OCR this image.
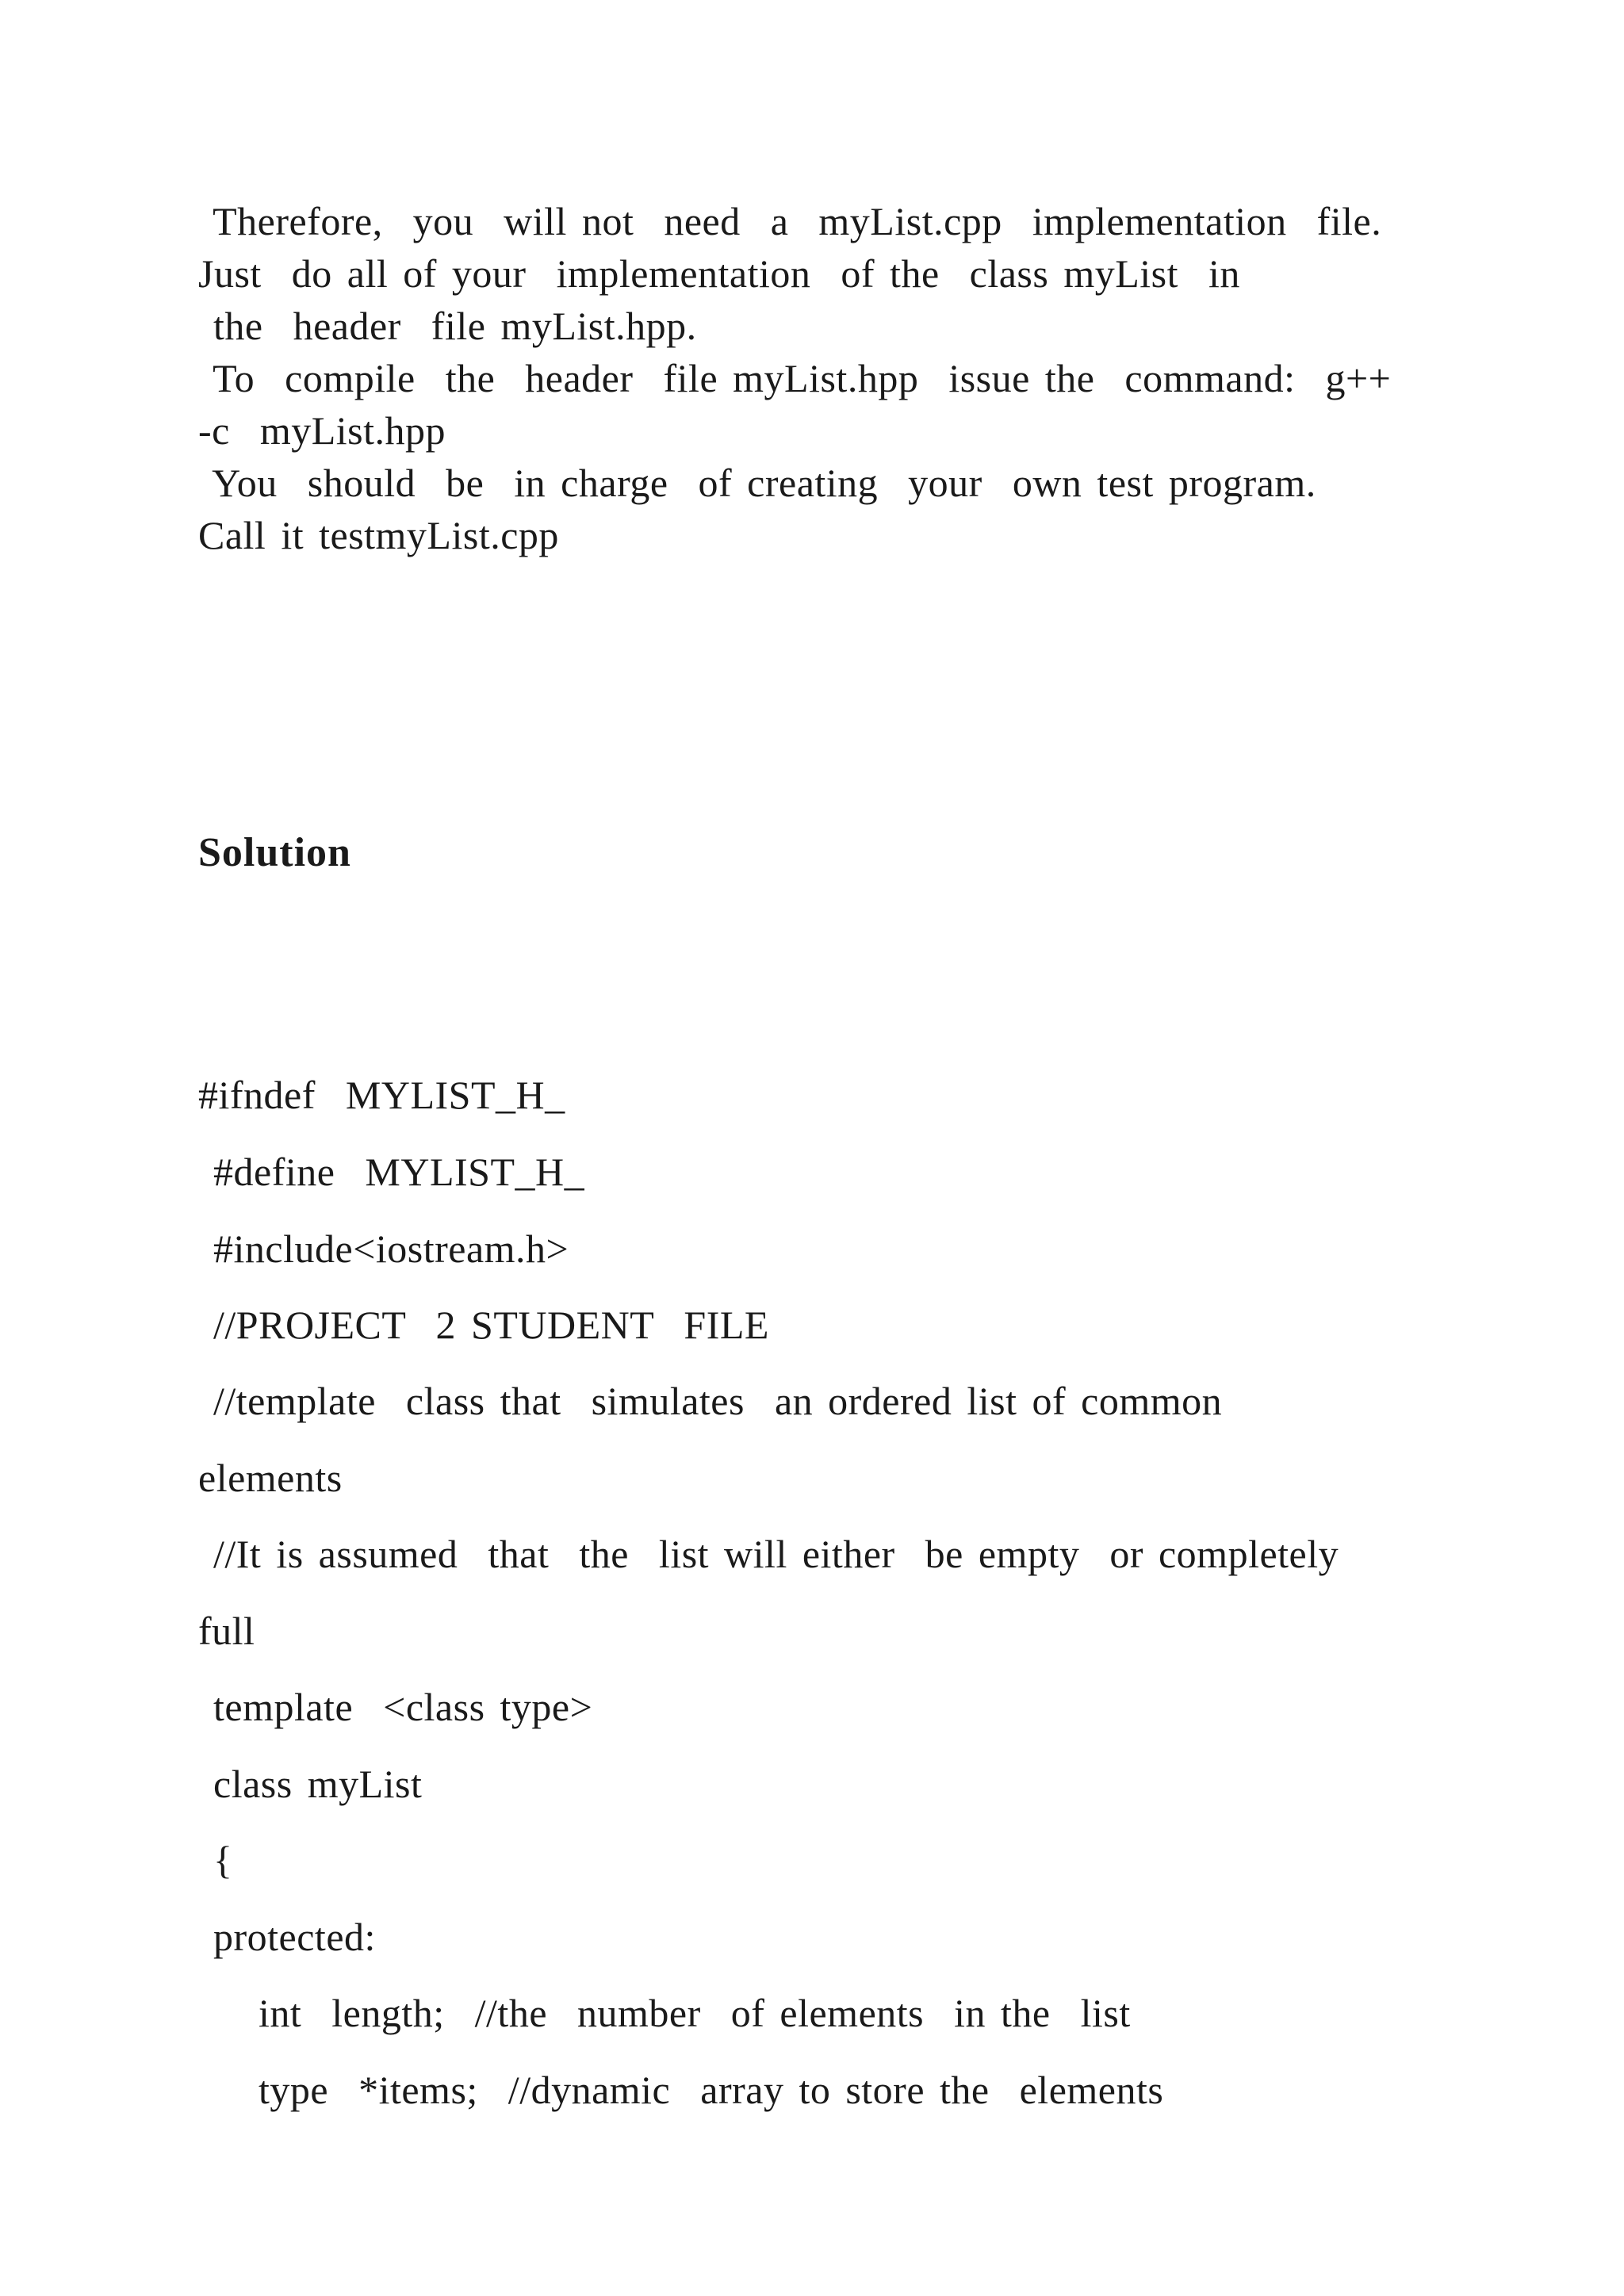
Therefore,  you  will not  need  a  myList.cpp  implementation  file.
Just  do all of your  implementation  of the  class myList  in
the  header  file myList.hpp.
To  compile  the  header  file myList.hpp  issue the  command:  g++
-c  myList.hpp
You  should  be  in charge  of creating  your  own test program.
Call it testmyList.cpp
Solution
#ifndef  MYLIST_H_
#define  MYLIST_H_
#include<iostream.h>
//PROJECT  2 STUDENT  FILE
//template  class that  simulates  an ordered list of common
elements
//It is assumed  that  the  list will either  be empty  or completely
full
template  <class type>
class myList
{
protected:
int  length;  //the  number  of elements  in the  list
type  *items;  //dynamic  array to store the  elements
